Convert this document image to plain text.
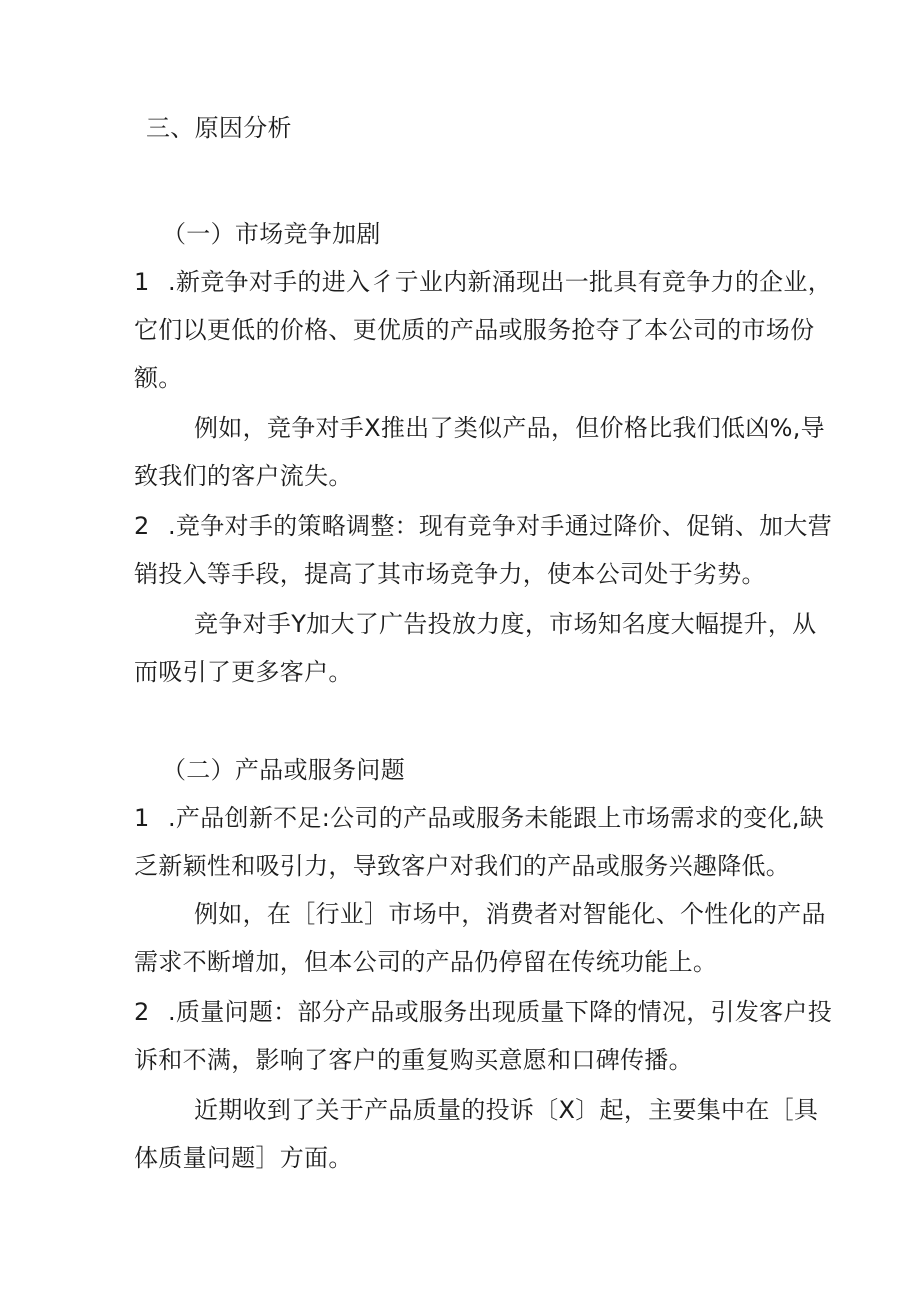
三、原因分析
（一）市场竞争加剧
1 .新竞争对手的进入彳亍业内新涌现出一批具有竞争力的企业，
它们以更低的价格、更优质的产品或服务抢夺了本公司的市场份
额。
例如，竞争对手X推出了类似产品，但价格比我们低凶%,导
致我们的客户流失。
2 .竞争对手的策略调整：现有竞争对手通过降价、促销、加大营
销投入等手段，提高了其市场竞争力，使本公司处于劣势。
竞争对手Y加大了广告投放力度，市场知名度大幅提升，从
而吸引了更多客户。
（二）产品或服务问题
1 .产品创新不足:公司的产品或服务未能跟上市场需求的变化,缺
乏新颖性和吸引力，导致客户对我们的产品或服务兴趣降低。
例如，在［行业］市场中，消费者对智能化、个性化的产品
需求不断增加，但本公司的产品仍停留在传统功能上。
2 .质量问题：部分产品或服务出现质量下降的情况，引发客户投
诉和不满，影响了客户的重复购买意愿和口碑传播。
近期收到了关于产品质量的投诉〔X〕起，主要集中在［具
体质量问题］方面。
